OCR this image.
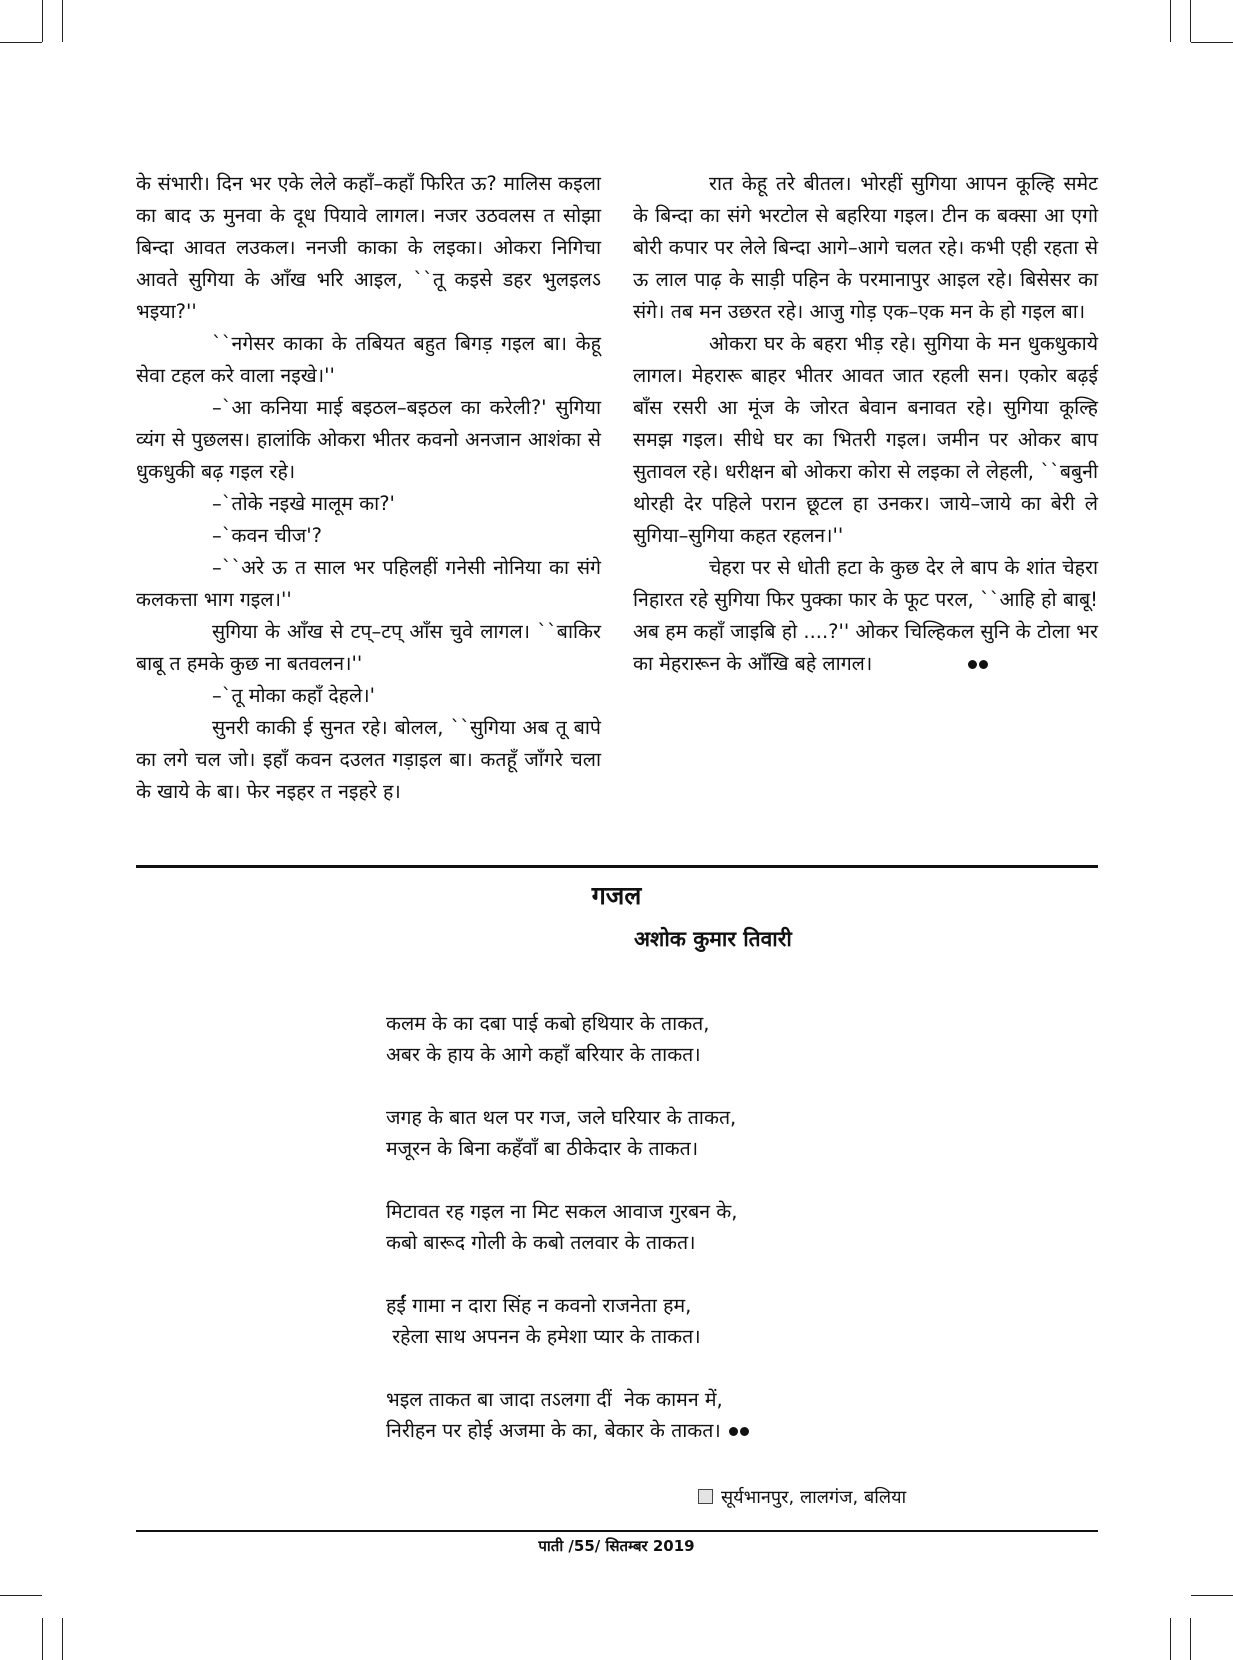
के संभारी। दिन भर एके लेले कहाँ–कहाँ फिरित ऊ? मालिस कइला का बाद ऊ मुनवा के दूध पियावे लागल। नजर उठवलस त सोझा बिन्दा आवत लउकल। ननजी काका के लइका। ओकरा निगिचा आवते सुगिया के आँख भरि आइल, ``तू कइसे डहर भुलइलऽ भइया?''

``नगेसर काका के तबियत बहुत बिगड़ गइल बा। केहू सेवा टहल करे वाला नइखे।''

–`आ कनिया माई बइठल–बइठल का करेली?' सुगिया व्यंग से पुछलस। हालांकि ओकरा भीतर कवनो अनजान आशंका से धुकधुकी बढ़ गइल रहे।

–`तोके नइखे मालूम का?'

–`कवन चीज'?

–``अरे ऊ त साल भर पहिलहीं गनेसी नोनिया का संगे कलकत्ता भाग गइल।''

सुगिया के आँख से टप्–टप् आँस चुवे लागल। ``बाकिर बाबू त हमके कुछ ना बतवलन।''

–`तू मोका कहाँ देहले।'

सुनरी काकी ई सुनत रहे। बोलल, ``सुगिया अब तू बापे का लगे चल जो। इहाँ कवन दउलत गड़ाइल बा। कतहूँ जाँगरे चला के खाये के बा। फेर नइहर त नइहरे ह।

रात केहू तरे बीतल। भोरहीं सुगिया आपन कूल्हि समेट के बिन्दा का संगे भरटोल से बहरिया गइल। टीन क बक्सा आ एगो बोरी कपार पर लेले बिन्दा आगे–आगे चलत रहे। कभी एही रहता से ऊ लाल पाढ़ के साड़ी पहिन के परमानापुर आइल रहे। बिसेसर का संगे। तब मन उछरत रहे। आजु गोड़ एक–एक मन के हो गइल बा।

ओकरा घर के बहरा भीड़ रहे। सुगिया के मन धुकधुकाये लागल। मेहरारू बाहर भीतर आवत जात रहली सन। एकोर बढ़ई बाँस रसरी आ मूंज के जोरत बेवान बनावत रहे। सुगिया कूल्हि समझ गइल। सीधे घर का भितरी गइल। जमीन पर ओकर बाप सुतावल रहे। धरीक्षन बो ओकरा कोरा से लइका ले लेहली, ``बबुनी थोरही देर पहिले परान छूटल हा उनकर। जाये–जाये का बेरी ले सुगिया–सुगिया कहत रहलन।''

चेहरा पर से धोती हटा के कुछ देर ले बाप के शांत चेहरा निहारत रहे सुगिया फिर पुक्का फार के फूट परल, ``आहि हो बाबू! अब हम कहाँ जाइबि हो ....?'' ओकर चिल्हिकल सुनि के टोला भर का मेहरारून के आँखि बहे लागल।

गजल
अशोक कुमार तिवारी
कलम के का दबा पाई कबो हथियार के ताकत,
अबर के हाय के आगे कहाँ बरियार के ताकत।
जगह के बात थल पर गज, जले घरियार के ताकत,
मजूरन के बिना कहँवाँ बा ठीकेदार के ताकत।
मिटावत रह गइल ना मिट सकल आवाज गुरबन के,
कबो बारूद गोली के कबो तलवार के ताकत।
हईं गामा न दारा सिंह न कवनो राजनेता हम,
रहेला साथ अपनन के हमेशा प्यार के ताकत।
भइल ताकत बा जादा तऽलगा दीं  नेक कामन में,
निरीहन पर होई अजमा के का, बेकार के ताकत।
सूर्यभानपुर, लालगंज, बलिया
पाती /55/ सितम्बर 2019
